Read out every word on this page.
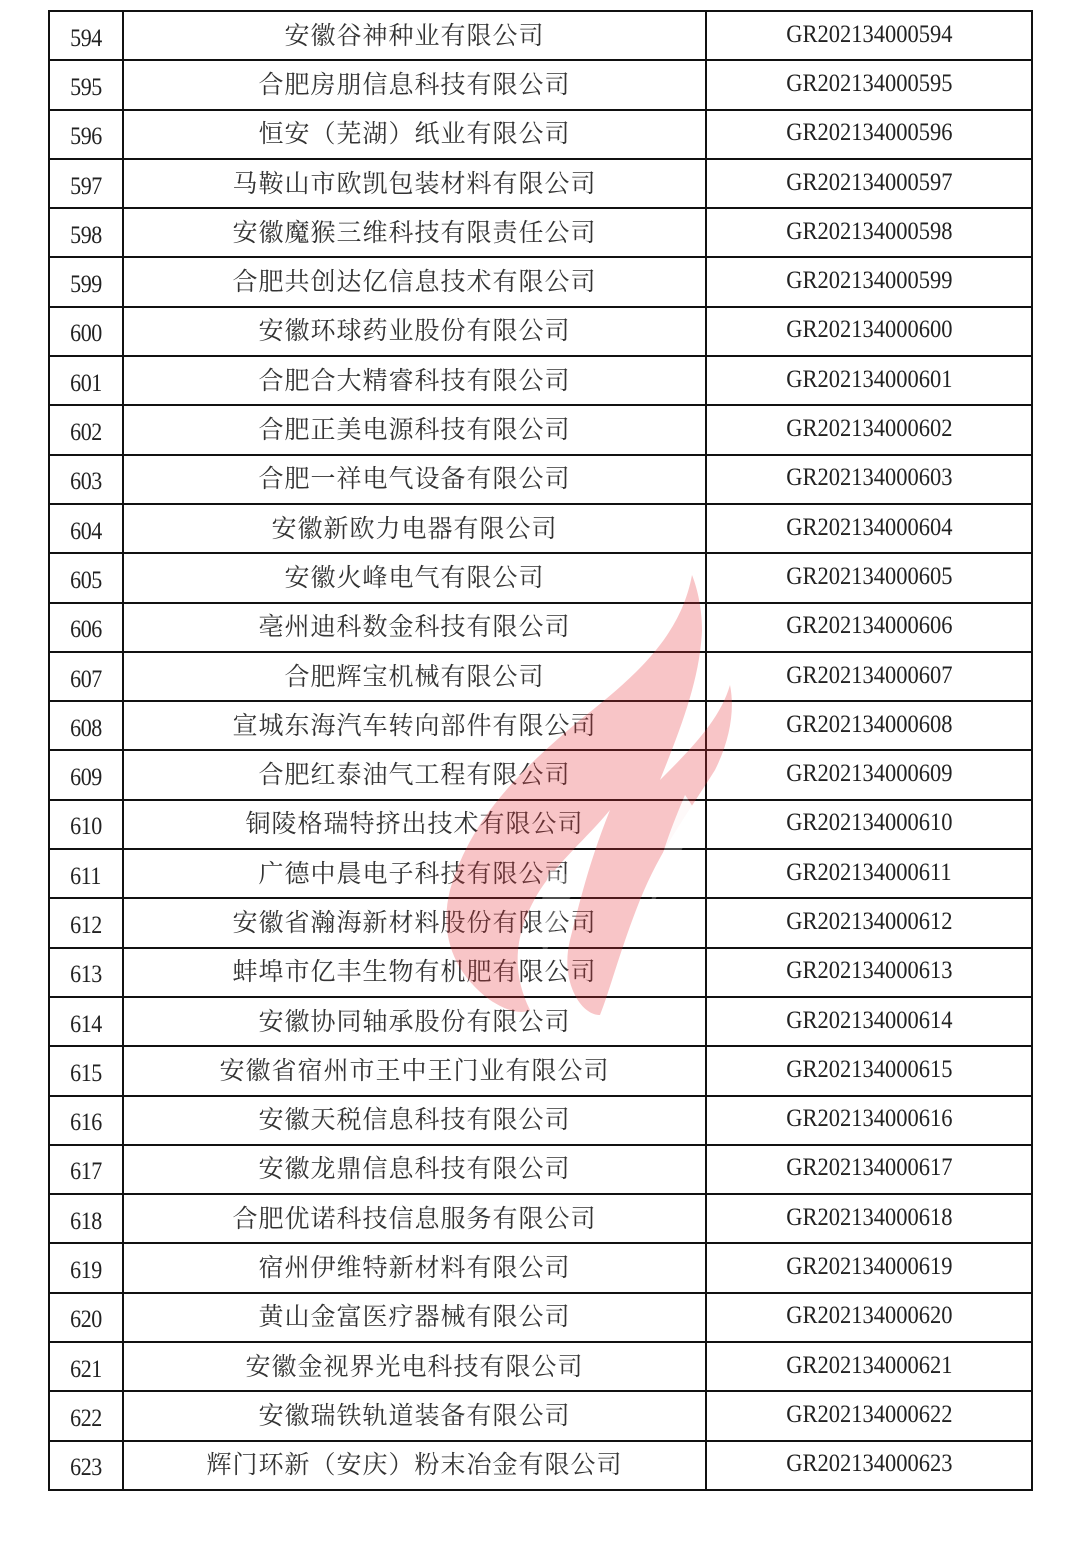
594	安徽谷神种业有限公司	GR202134000594
595	合肥房朋信息科技有限公司	GR202134000595
596	恒安（芜湖）纸业有限公司	GR202134000596
597	马鞍山市欧凯包装材料有限公司	GR202134000597
598	安徽魔猴三维科技有限责任公司	GR202134000598
599	合肥共创达亿信息技术有限公司	GR202134000599
600	安徽环球药业股份有限公司	GR202134000600
601	合肥合大精睿科技有限公司	GR202134000601
602	合肥正美电源科技有限公司	GR202134000602
603	合肥一祥电气设备有限公司	GR202134000603
604	安徽新欧力电器有限公司	GR202134000604
605	安徽火峰电气有限公司	GR202134000605
606	亳州迪科数金科技有限公司	GR202134000606
607	合肥辉宝机械有限公司	GR202134000607
608	宣城东海汽车转向部件有限公司	GR202134000608
609	合肥红泰油气工程有限公司	GR202134000609
610	铜陵格瑞特挤出技术有限公司	GR202134000610
611	广德中晨电子科技有限公司	GR202134000611
612	安徽省瀚海新材料股份有限公司	GR202134000612
613	蚌埠市亿丰生物有机肥有限公司	GR202134000613
614	安徽协同轴承股份有限公司	GR202134000614
615	安徽省宿州市王中王门业有限公司	GR202134000615
616	安徽天税信息科技有限公司	GR202134000616
617	安徽龙鼎信息科技有限公司	GR202134000617
618	合肥优诺科技信息服务有限公司	GR202134000618
619	宿州伊维特新材料有限公司	GR202134000619
620	黄山金富医疗器械有限公司	GR202134000620
621	安徽金视界光电科技有限公司	GR202134000621
622	安徽瑞铁轨道装备有限公司	GR202134000622
623	辉门环新（安庆）粉末冶金有限公司	GR202134000623
